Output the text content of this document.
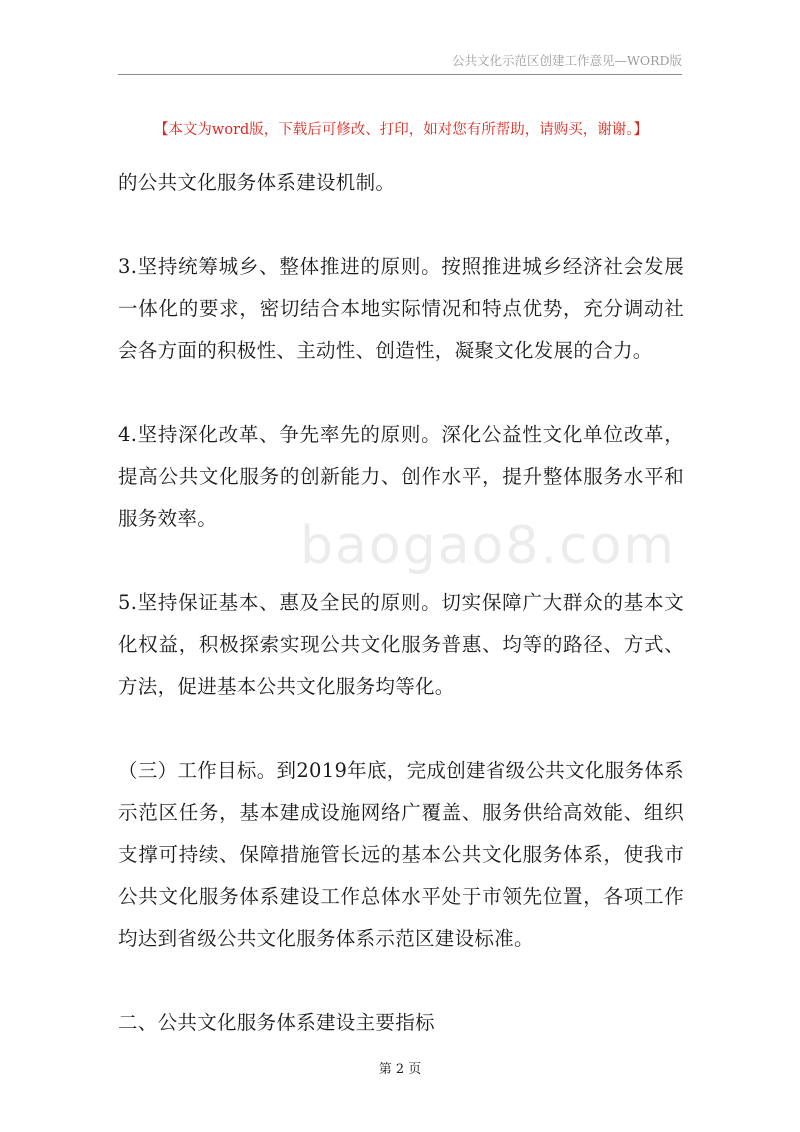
公共文化示范区创建工作意见—WORD版
【本文为word版，下载后可修改、打印，如对您有所帮助，请购买，谢谢。】
baogao8.com

的公共文化服务体系建设机制。

3.坚持统筹城乡、整体推进的原则。按照推进城乡经济社会发展一体化的要求，密切结合本地实际情况和特点优势，充分调动社会各方面的积极性、主动性、创造性，凝聚文化发展的合力。

4.坚持深化改革、争先率先的原则。深化公益性文化单位改革，提高公共文化服务的创新能力、创作水平，提升整体服务水平和服务效率。

5.坚持保证基本、惠及全民的原则。切实保障广大群众的基本文化权益，积极探索实现公共文化服务普惠、均等的路径、方式、方法，促进基本公共文化服务均等化。

（三）工作目标。到2019年底，完成创建省级公共文化服务体系示范区任务，基本建成设施网络广覆盖、服务供给高效能、组织支撑可持续、保障措施管长远的基本公共文化服务体系，使我市公共文化服务体系建设工作总体水平处于市领先位置，各项工作均达到省级公共文化服务体系示范区建设标准。

二、公共文化服务体系建设主要指标

第 2 页
